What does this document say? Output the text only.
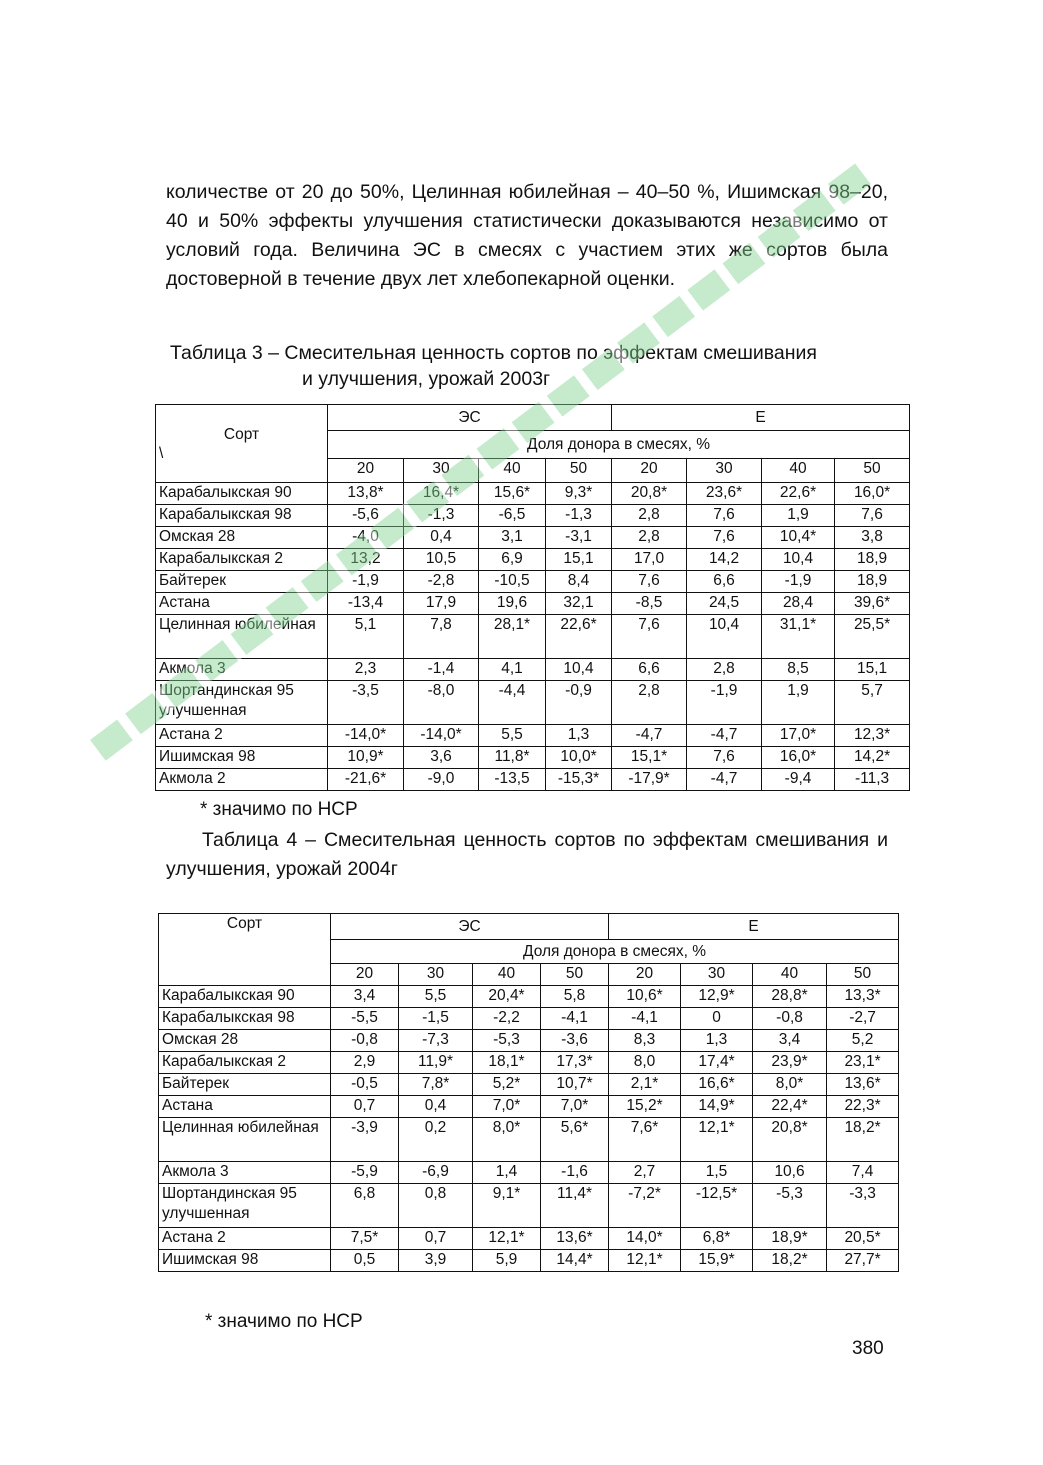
количестве от 20 до 50%, Целинная юбилейная – 40–50 %, Ишимская 98–20, 40 и 50% эффекты улучшения статистически доказываются независимо от условий года. Величина ЭС в смесях с участием этих же сортов была достоверной в течение двух лет хлебопекарной оценки.

Таблица 3 – Смесительная ценность сортов по эффектам смешивания
и улучшения, урожай 2003г

Сорт

\	ЭС				Е			
	Доля донора в смесях, %							
	20	30	40	50	20	30	40	50
Карабалыкская 90	13,8*	16,4*	15,6*	9,3*	20,8*	23,6*	22,6*	16,0*
Карабалыкская 98	-5,6	-1,3	-6,5	-1,3	2,8	7,6	1,9	7,6
Омская 28	-4,0	0,4	3,1	-3,1	2,8	7,6	10,4*	3,8
Карабалыкская 2	13,2	10,5	6,9	15,1	17,0	14,2	10,4	18,9
Байтерек	-1,9	-2,8	-10,5	8,4	7,6	6,6	-1,9	18,9
Астана	-13,4	17,9	19,6	32,1	-8,5	24,5	28,4	39,6*
Целинная юбилейная	5,1	7,8	28,1*	22,6*	7,6	10,4	31,1*	25,5*
Акмола 3	2,3	-1,4	4,1	10,4	6,6	2,8	8,5	15,1
Шортандинская 95 улучшенная	-3,5	-8,0	-4,4	-0,9	2,8	-1,9	1,9	5,7
Астана 2	-14,0*	-14,0*	5,5	1,3	-4,7	-4,7	17,0*	12,3*
Ишимская 98	10,9*	3,6	11,8*	10,0*	15,1*	7,6	16,0*	14,2*
Акмола 2	-21,6*	-9,0	-13,5	-15,3*	-17,9*	-4,7	-9,4	-11,3
* значимо по НСР

Таблица 4 – Смесительная ценность сортов по эффектам смешивания и улучшения, урожай 2004г

Сорт	ЭС				Е			
	Доля донора в смесях, %							
	20	30	40	50	20	30	40	50
Карабалыкская 90	3,4	5,5	20,4*	5,8	10,6*	12,9*	28,8*	13,3*
Карабалыкская 98	-5,5	-1,5	-2,2	-4,1	-4,1	0	-0,8	-2,7
Омская 28	-0,8	-7,3	-5,3	-3,6	8,3	1,3	3,4	5,2
Карабалыкская 2	2,9	11,9*	18,1*	17,3*	8,0	17,4*	23,9*	23,1*
Байтерек	-0,5	7,8*	5,2*	10,7*	2,1*	16,6*	8,0*	13,6*
Астана	0,7	0,4	7,0*	7,0*	15,2*	14,9*	22,4*	22,3*
Целинная юбилейная	-3,9	0,2	8,0*	5,6*	7,6*	12,1*	20,8*	18,2*
Акмола 3	-5,9	-6,9	1,4	-1,6	2,7	1,5	10,6	7,4
Шортандинская 95 улучшенная	6,8	0,8	9,1*	11,4*	-7,2*	-12,5*	-5,3	-3,3
Астана 2	7,5*	0,7	12,1*	13,6*	14,0*	6,8*	18,9*	20,5*
Ишимская 98	0,5	3,9	5,9	14,4*	12,1*	15,9*	18,2*	27,7*
* значимо по НСР
380
